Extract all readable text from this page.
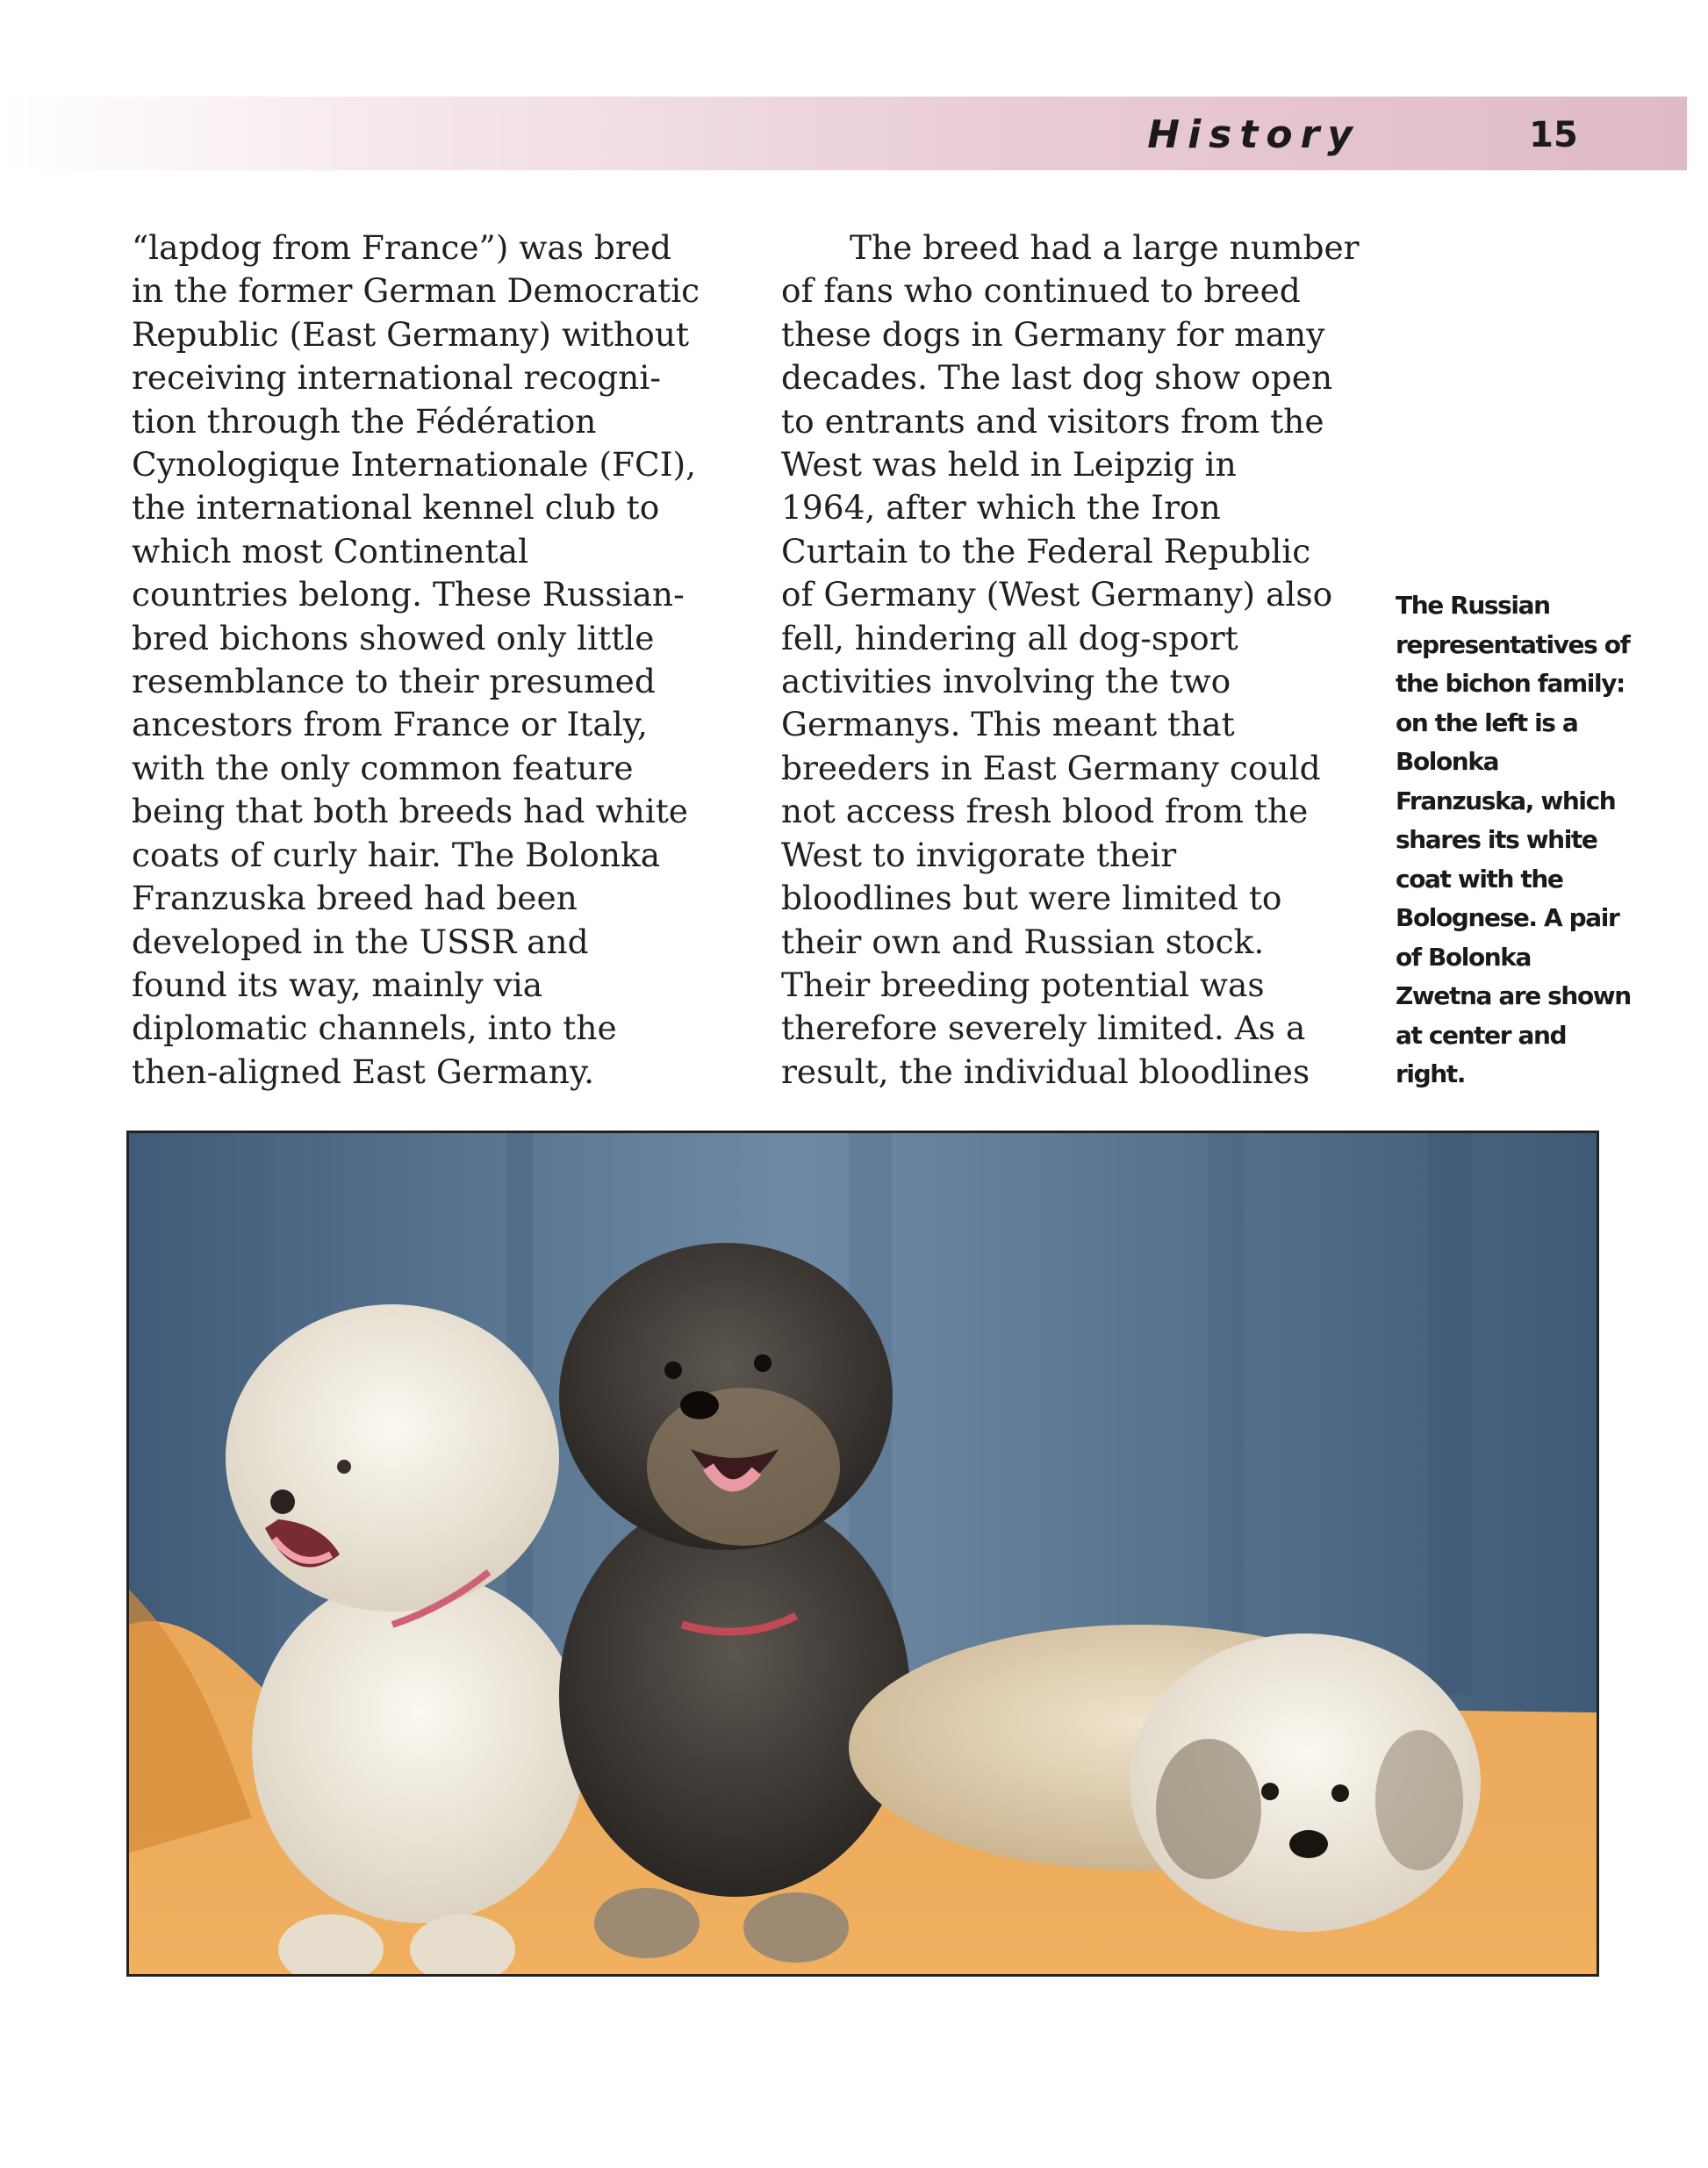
History	15
“lapdog from France”) was bred
in the former German Democratic
Republic (East Germany) without
receiving international recogni-
tion through the Fédération
Cynologique Internationale (FCI),
the international kennel club to
which most Continental
countries belong. These Russian-
bred bichons showed only little
resemblance to their presumed
ancestors from France or Italy,
with the only common feature
being that both breeds had white
coats of curly hair. The Bolonka
Franzuska breed had been
developed in the USSR and
found its way, mainly via
diplomatic channels, into the
then-aligned East Germany.
The breed had a large number
of fans who continued to breed
these dogs in Germany for many
decades. The last dog show open
to entrants and visitors from the
West was held in Leipzig in
1964, after which the Iron
Curtain to the Federal Republic
of Germany (West Germany) also
fell, hindering all dog-sport
activities involving the two
Germanys. This meant that
breeders in East Germany could
not access fresh blood from the
West to invigorate their
bloodlines but were limited to
their own and Russian stock.
Their breeding potential was
therefore severely limited. As a
result, the individual bloodlines
The Russian
representatives of
the bichon family:
on the left is a
Bolonka
Franzuska, which
shares its white
coat with the
Bolognese. A pair
of Bolonka
Zwetna are shown
at center and
right.
